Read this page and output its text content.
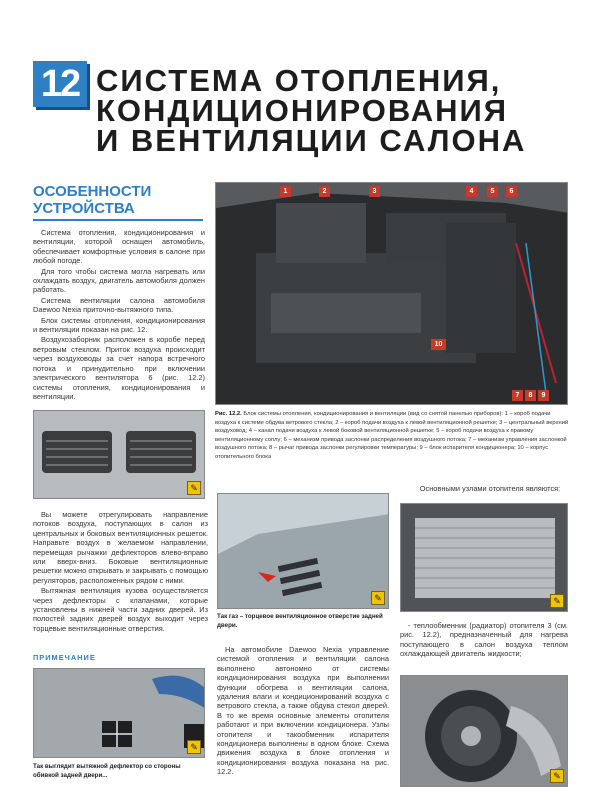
12 СИСТЕМА ОТОПЛЕНИЯ,
КОНДИЦИОНИРОВАНИЯ
И ВЕНТИЛЯЦИИ САЛОНА
ОСОБЕННОСТИ
УСТРОЙСТВА

Система отопления, кондиционирования и вентиляции, которой оснащен автомобиль, обеспечивает комфортные условия в салоне при любой погоде.

Для того чтобы система могла нагревать или охлаждать воздух, двигатель автомобиля должен работать.

Система вентиляции салона автомобиля Daewoo Nexia приточно-вытяжного типа.

Блок системы отопления, кондиционирования и вентиляции показан на рис. 12.

Воздухозаборник расположен в коробе перед ветровым стеклом. Приток воздуха происходит через воздуховоды за счет напора встречного потока и принудительно при включении электрического вентилятора 6 (рис. 12.2) системы отопления, кондиционирования и вентиляции.

1	2	3	4	5	6
7	8	9
10
Рис. 12.2. Блок системы отопления, кондиционирования и вентиляции (вид со снятой панелью приборов): 1 – короб подачи воздуха к системе обдува ветрового стекла; 2 – короб подачи воздуха к левой вентиляционной решетке; 3 – центральный верхний воздуховод; 4 – канал подачи воздуха к левой боковой вентиляционной решетке; 5 – короб подачи воздуха к правому вентиляционному соплу; 6 – механизм привода заслонки распределения воздушного потока; 7 – механизм управления заслонкой воздушного потока; 8 – рычаг привода заслонки регулировки температуры; 9 – блок испарителя кондиционера; 10 – корпус отопительного блока
✎

Вы можете отрегулировать направление потоков воздуха, поступающих в салон из центральных и боковых вентиляционных решеток. Направьте воздух в желаемом направлении, перемещая рычажки дефлекторов влево-вправо или вверх-вниз. Боковые вентиляционные решетки можно открывать и закрывать с помощью регуляторов, расположенных рядом с ними.

Вытяжная вентиляция кузова осуществляется через дефлекторы с клапанами, которые установлены в нижней части задних дверей. Из полостей задних дверей воздух выходит через торцевые вентиляционные отверстия.

✎
Так газ – торцевое вентиляционное отверстие задней двери.
Основными узлами отопителя являются:
✎
- теплообменник (радиатор) отопителя 3 (см. рис. 12.2), предназначенный для нагрева поступающего в салон воздуха теплом охлаждающей двигатель жидкости;
На автомобиле Daewoo Nexia управление системой отопления и вентиляции салона выполнено автономно от системы кондиционирования воздуха при выполнении функции обогрева и вентиляции салона, удаления влаги и кондиционирований воздуха с ветрового стекла, а также обдува стекол дверей. В то же время основные элементы отопителя работают и при включении кондиционера. Узлы отопителя и такообменник испарителя кондиционера выполнены в одном блоке. Схема движения воздуха в блоке отопления и кондиционирования воздуха показана на рис. 12.2.	✎
ПРИМЕЧАНИЕ
✎
Так выглядит вытяжной дефлектор со стороны обивкой задней двери...
